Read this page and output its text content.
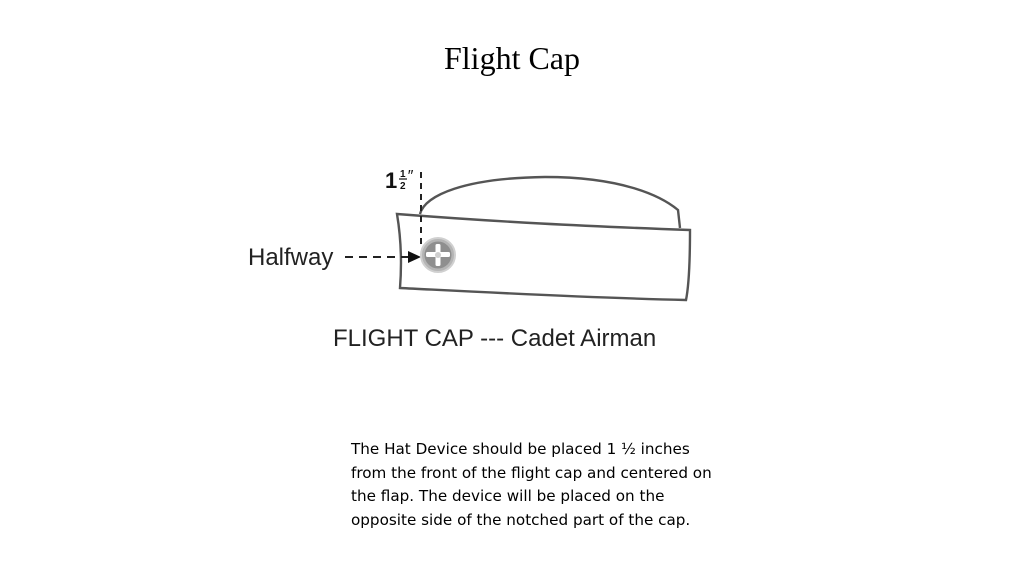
Flight Cap
1 1
2
″
Halfway
FLIGHT CAP --- Cadet Airman

The Hat Device should be placed 1 ½ inches from the front of the flight cap and centered on the flap. The device will be placed on the opposite side of the notched part of the cap.
